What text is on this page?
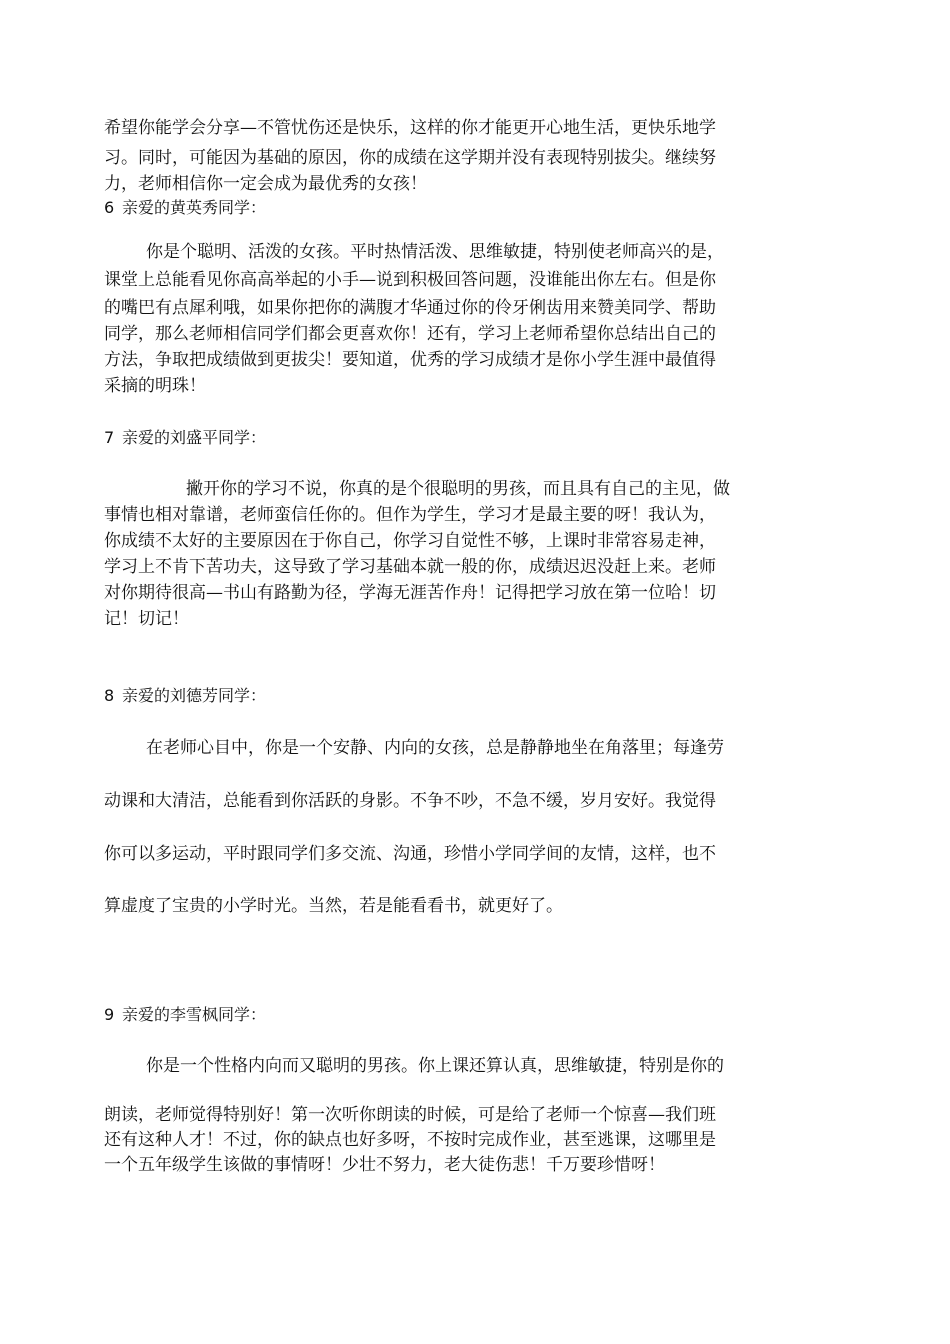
希望你能学会分享—不管忧伤还是快乐，这样的你才能更开心地生活，更快乐地学
习。同时，可能因为基础的原因，你的成绩在这学期并没有表现特别拔尖。继续努
力，老师相信你一定会成为最优秀的女孩！
6 亲爱的黄英秀同学：
你是个聪明、活泼的女孩。平时热情活泼、思维敏捷，特别使老师高兴的是，
课堂上总能看见你高高举起的小手—说到积极回答问题，没谁能出你左右。但是你
的嘴巴有点犀利哦，如果你把你的满腹才华通过你的伶牙俐齿用来赞美同学、帮助
同学，那么老师相信同学们都会更喜欢你！还有，学习上老师希望你总结出自己的
方法，争取把成绩做到更拔尖！要知道，优秀的学习成绩才是你小学生涯中最值得
采摘的明珠！
7 亲爱的刘盛平同学：
撇开你的学习不说，你真的是个很聪明的男孩，而且具有自己的主见，做
事情也相对靠谱，老师蛮信任你的。但作为学生，学习才是最主要的呀！我认为，
你成绩不太好的主要原因在于你自己，你学习自觉性不够，上课时非常容易走神，
学习上不肯下苦功夫，这导致了学习基础本就一般的你，成绩迟迟没赶上来。老师
对你期待很高—书山有路勤为径，学海无涯苦作舟！记得把学习放在第一位哈！切
记！切记！
8 亲爱的刘德芳同学：
在老师心目中，你是一个安静、内向的女孩，总是静静地坐在角落里；每逢劳
动课和大清洁，总能看到你活跃的身影。不争不吵，不急不缓，岁月安好。我觉得
你可以多运动，平时跟同学们多交流、沟通，珍惜小学同学间的友情，这样，也不
算虚度了宝贵的小学时光。当然，若是能看看书，就更好了。
9 亲爱的李雪枫同学：
你是一个性格内向而又聪明的男孩。你上课还算认真，思维敏捷，特别是你的
朗读，老师觉得特别好！第一次听你朗读的时候，可是给了老师一个惊喜—我们班
还有这种人才！不过，你的缺点也好多呀，不按时完成作业，甚至逃课，这哪里是
一个五年级学生该做的事情呀！少壮不努力，老大徒伤悲！千万要珍惜呀！
